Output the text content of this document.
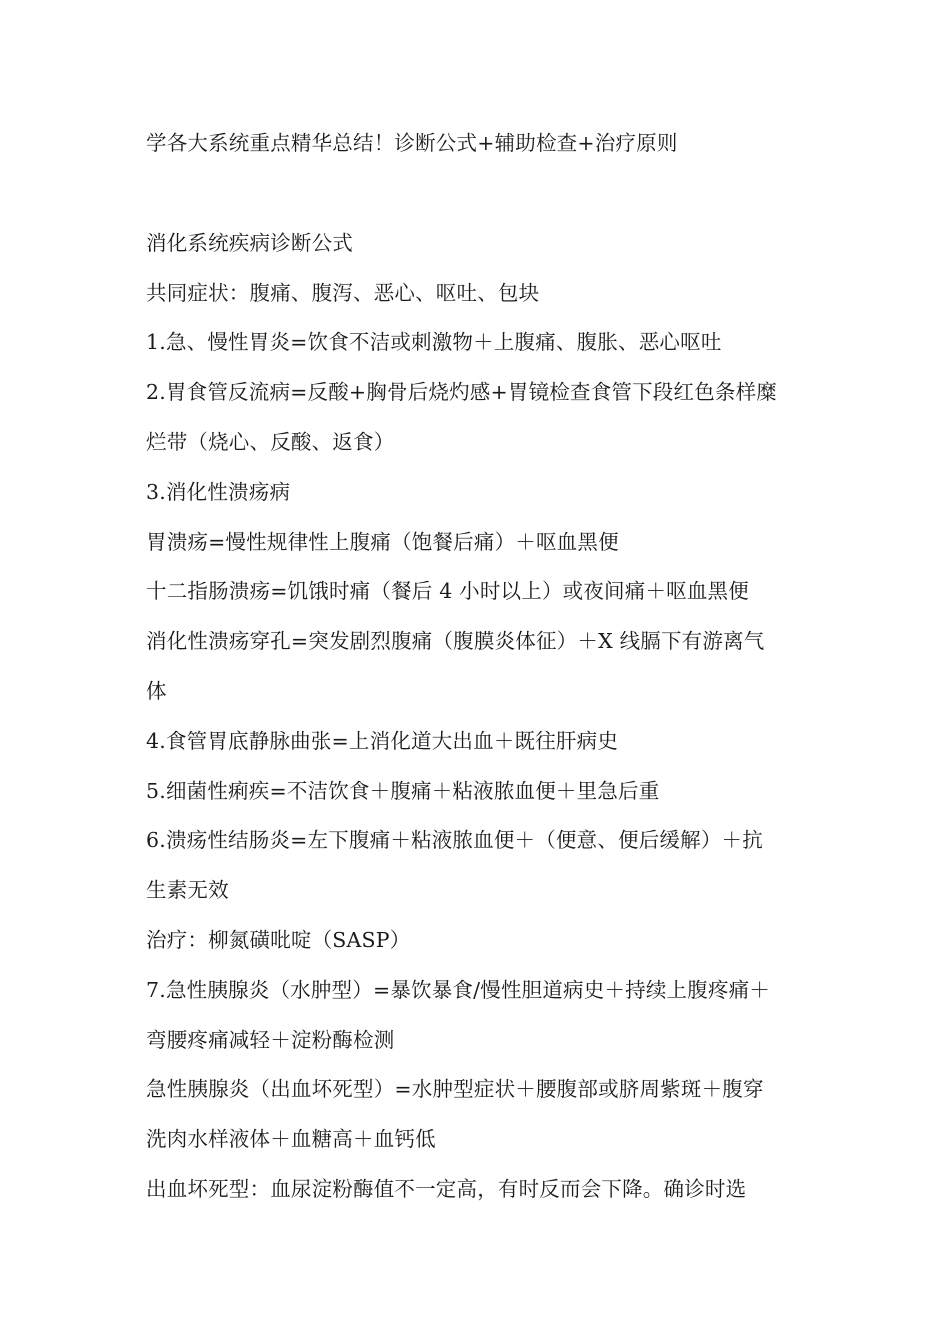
学各大系统重点精华总结！诊断公式+辅助检查+治疗原则
消化系统疾病诊断公式
共同症状：腹痛、腹泻、恶心、呕吐、包块
1.急、慢性胃炎=饮食不洁或刺激物＋上腹痛、腹胀、恶心呕吐
2.胃食管反流病=反酸+胸骨后烧灼感+胃镜检查食管下段红色条样糜
烂带（烧心、反酸、返食）
3.消化性溃疡病
胃溃疡=慢性规律性上腹痛（饱餐后痛）＋呕血黑便
十二指肠溃疡=饥饿时痛（餐后 4 小时以上）或夜间痛＋呕血黑便
消化性溃疡穿孔=突发剧烈腹痛（腹膜炎体征）＋X 线膈下有游离气
体
4.食管胃底静脉曲张=上消化道大出血＋既往肝病史
5.细菌性痢疾=不洁饮食＋腹痛＋粘液脓血便＋里急后重
6.溃疡性结肠炎=左下腹痛＋粘液脓血便＋（便意、便后缓解）＋抗
生素无效
治疗：柳氮磺吡啶（SASP）
7.急性胰腺炎（水肿型）=暴饮暴食/慢性胆道病史＋持续上腹疼痛＋
弯腰疼痛减轻＋淀粉酶检测
急性胰腺炎（出血坏死型）=水肿型症状＋腰腹部或脐周紫斑＋腹穿
洗肉水样液体＋血糖高＋血钙低
出血坏死型：血尿淀粉酶值不一定高，有时反而会下降。确诊时选
